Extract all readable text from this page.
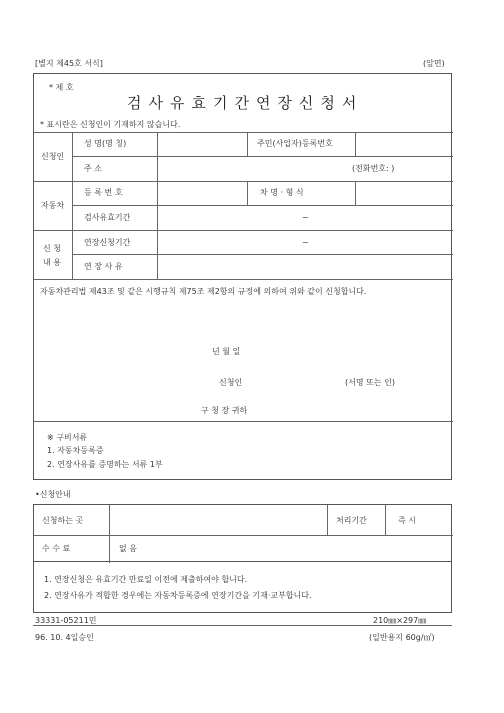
[별지 제45호 서식]	(앞면)
* 제 호
검사유효기간연장신청서
* 표시란은 신청인이 기재하지 않습니다.
신청인
성 명(명 칭)	주민(사업자)등록번호
주 소	(전화번호: )
자동차
등 록 번 호	차 명 · 형 식
검사유효기간	~
신 청
내 용
연장신청기간	~
연 장 사 유
자동차관리법 제43조 및 같은 시행규칙 제75조 제2항의 규정에 의하여 위와 같이 신청합니다.
년 월 일
신청인	(서명 또는 인)
구 청 장 귀하
※ 구비서류
1. 자동차등록증
2. 연장사유를 증명하는 서류 1부
•신청안내
신청하는 곳	처리기간	즉 시
수 수 료	없 음
1. 연장신청은 유효기간 만료일 이전에 제출하여야 합니다.
2. 연장사유가 적합한 경우에는 자동차등록증에 연장기간을 기재·교부합니다.
33331-05211민	210㎜×297㎜
96. 10. 4일승인	(일반용지 60g/㎡)
